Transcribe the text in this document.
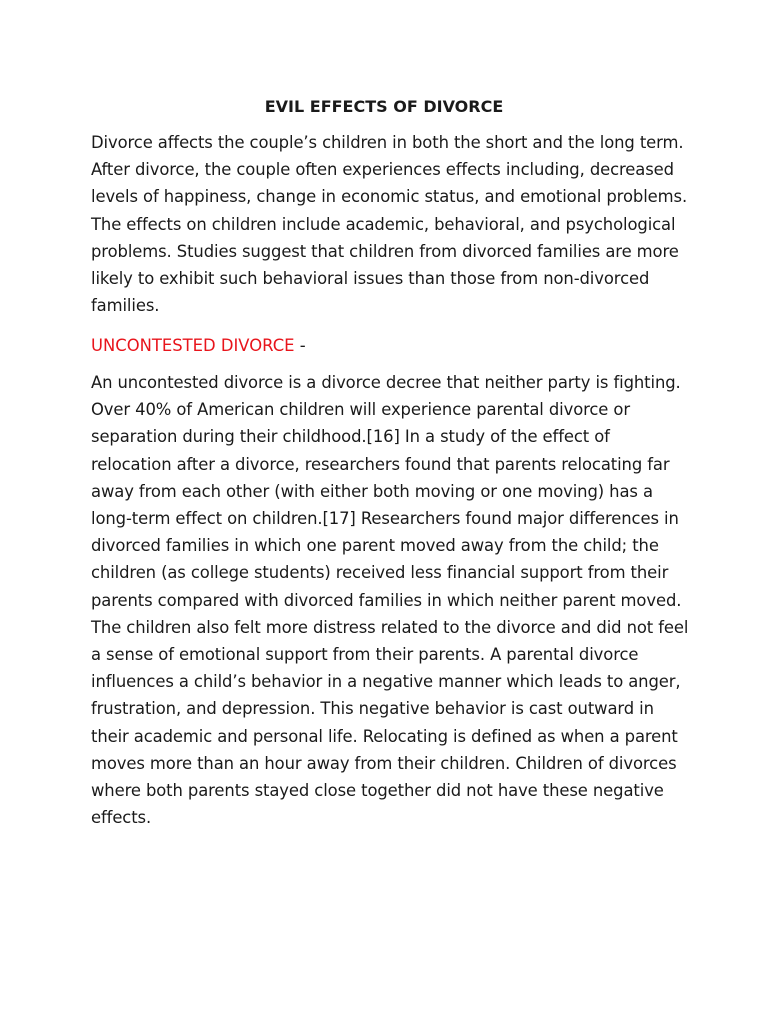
EVIL EFFECTS OF DIVORCE

Divorce affects the couple’s children in both the short and the long term. After divorce, the couple often experiences effects including, decreased levels of happiness, change in economic status, and emotional problems. The effects on children include academic, behavioral, and psychological problems. Studies suggest that children from divorced families are more likely to exhibit such behavioral issues than those from non-divorced families.

UNCONTESTED DIVORCE -

An uncontested divorce is a divorce decree that neither party is fighting. Over 40% of American children will experience parental divorce or separation during their childhood.[16] In a study of the effect of relocation after a divorce, researchers found that parents relocating far away from each other (with either both moving or one moving) has a long-term effect on children.[17] Researchers found major differences in divorced families in which one parent moved away from the child; the children (as college students) received less financial support from their parents compared with divorced families in which neither parent moved. The children also felt more distress related to the divorce and did not feel a sense of emotional support from their parents. A parental divorce influences a child’s behavior in a negative manner which leads to anger, frustration, and depression. This negative behavior is cast outward in their academic and personal life. Relocating is defined as when a parent moves more than an hour away from their children. Children of divorces where both parents stayed close together did not have these negative effects.
